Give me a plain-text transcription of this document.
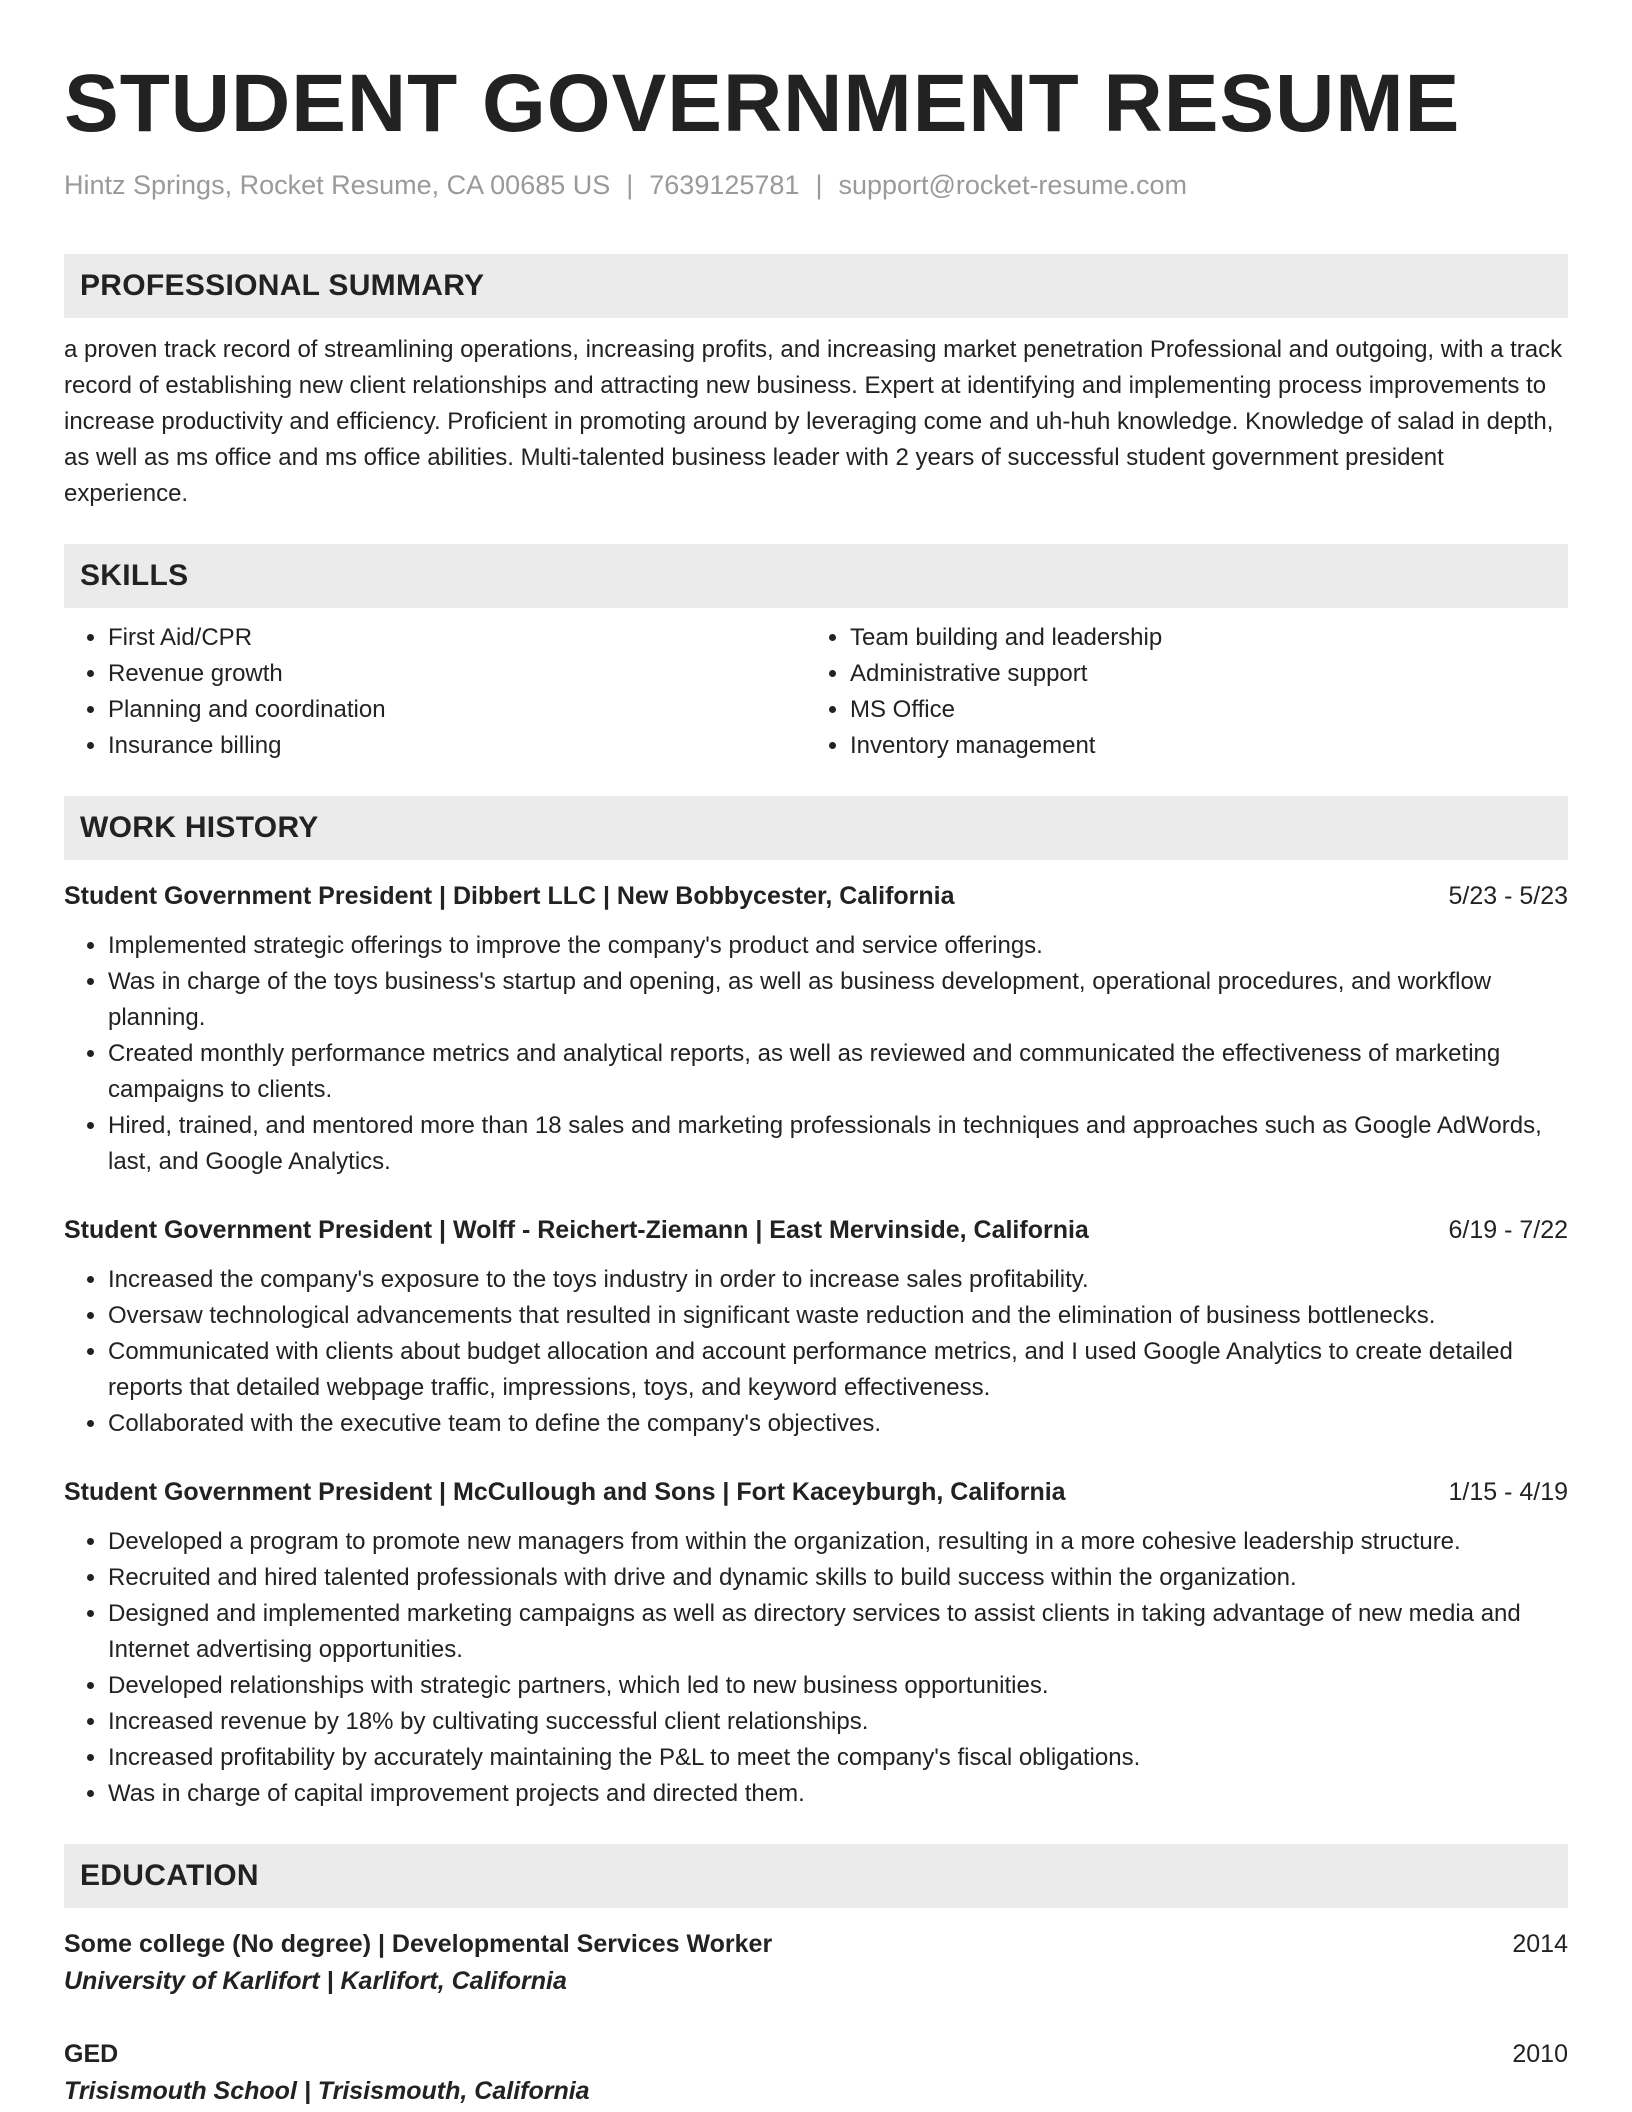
STUDENT GOVERNMENT RESUME
Hintz Springs, Rocket Resume, CA 00685 US | 7639125781 | support@rocket-resume.com
PROFESSIONAL SUMMARY
a proven track record of streamlining operations, increasing profits, and increasing market penetration Professional and outgoing, with a track record of establishing new client relationships and attracting new business. Expert at identifying and implementing process improvements to increase productivity and efficiency. Proficient in promoting around by leveraging come and uh-huh knowledge. Knowledge of salad in depth, as well as ms office and ms office abilities. Multi-talented business leader with 2 years of successful student government president experience.
SKILLS
• First Aid/CPR
• Revenue growth
• Planning and coordination
• Insurance billing
• Team building and leadership
• Administrative support
• MS Office
• Inventory management
WORK HISTORY
Student Government President | Dibbert LLC | New Bobbycester, California	5/23 - 5/23
• Implemented strategic offerings to improve the company's product and service offerings.
• Was in charge of the toys business's startup and opening, as well as business development, operational procedures, and workflow planning.
• Created monthly performance metrics and analytical reports, as well as reviewed and communicated the effectiveness of marketing campaigns to clients.
• Hired, trained, and mentored more than 18 sales and marketing professionals in techniques and approaches such as Google AdWords, last, and Google Analytics.
Student Government President | Wolff - Reichert-Ziemann | East Mervinside, California	6/19 - 7/22
• Increased the company's exposure to the toys industry in order to increase sales profitability.
• Oversaw technological advancements that resulted in significant waste reduction and the elimination of business bottlenecks.
• Communicated with clients about budget allocation and account performance metrics, and I used Google Analytics to create detailed reports that detailed webpage traffic, impressions, toys, and keyword effectiveness.
• Collaborated with the executive team to define the company's objectives.
Student Government President | McCullough and Sons | Fort Kaceyburgh, California	1/15 - 4/19
• Developed a program to promote new managers from within the organization, resulting in a more cohesive leadership structure.
• Recruited and hired talented professionals with drive and dynamic skills to build success within the organization.
• Designed and implemented marketing campaigns as well as directory services to assist clients in taking advantage of new media and Internet advertising opportunities.
• Developed relationships with strategic partners, which led to new business opportunities.
• Increased revenue by 18% by cultivating successful client relationships.
• Increased profitability by accurately maintaining the P&L to meet the company's fiscal obligations.
• Was in charge of capital improvement projects and directed them.
EDUCATION
Some college (No degree) | Developmental Services Worker	2014
University of Karlifort | Karlifort, California
GED	2010
Trisismouth School | Trisismouth, California
